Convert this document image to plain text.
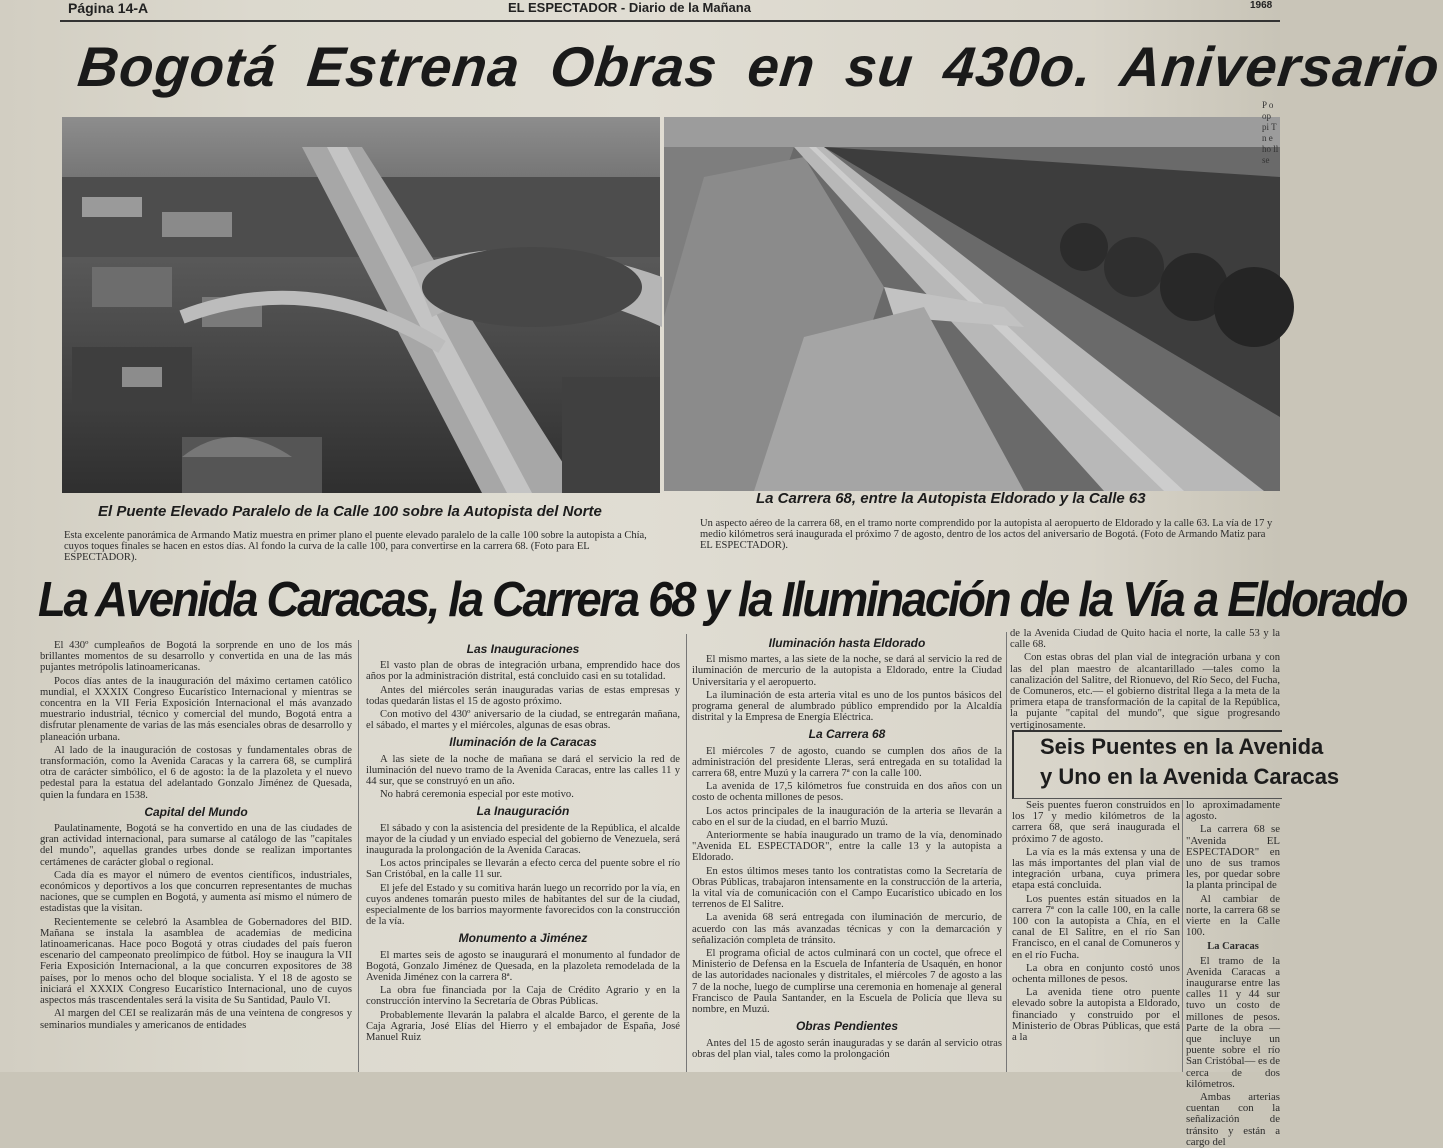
Página 14-A	EL ESPECTADOR - Diario de la Mañana	1968
Bogotá Estrena Obras en su 430o. Aniversario
El Puente Elevado Paralelo de la Calle 100 sobre la Autopista del Norte
La Carrera 68, entre la Autopista Eldorado y la Calle 63
Esta excelente panorámica de Armando Matiz muestra en primer plano el puente elevado paralelo de la calle 100 sobre la autopista a Chía, cuyos toques finales se hacen en estos días. Al fondo la curva de la calle 100, para convertirse en la carrera 68. (Foto para EL ESPECTADOR).
Un aspecto aéreo de la carrera 68, en el tramo norte comprendido por la autopista al aeropuerto de Eldorado y la calle 63. La vía de 17 y medio kilómetros será inaugurada el próximo 7 de agosto, dentro de los actos del aniversario de Bogotá. (Foto de Armando Matiz para EL ESPECTADOR).
La Avenida Caracas, la Carrera 68 y la Iluminación de la Vía a Eldorado

El 430º cumpleaños de Bogotá la sorprende en uno de los más brillantes momentos de su desarrollo y convertida en una de las más pujantes metrópolis latinoamericanas.

Pocos días antes de la inauguración del máximo certamen católico mundial, el XXXIX Congreso Eucarístico Internacional y mientras se concentra en la VII Feria Exposición Internacional el más avanzado muestrario industrial, técnico y comercial del mundo, Bogotá entra a disfrutar plenamente de varias de las más esenciales obras de desarrollo y planeación urbana.

Al lado de la inauguración de costosas y fundamentales obras de transformación, como la Avenida Caracas y la carrera 68, se cumplirá otra de carácter simbólico, el 6 de agosto: la de la plazoleta y el nuevo pedestal para la estatua del adelantado Gonzalo Jiménez de Quesada, quien la fundara en 1538.

Capital del Mundo

Paulatinamente, Bogotá se ha convertido en una de las ciudades de gran actividad internacional, para sumarse al catálogo de las "capitales del mundo", aquellas grandes urbes donde se realizan importantes certámenes de carácter global o regional.

Cada día es mayor el número de eventos científicos, industriales, económicos y deportivos a los que concurren representantes de muchas naciones, que se cumplen en Bogotá, y aumenta así mismo el número de estadistas que la visitan.

Recientemente se celebró la Asamblea de Gobernadores del BID. Mañana se instala la asamblea de academias de medicina latinoamericanas. Hace poco Bogotá y otras ciudades del país fueron escenario del campeonato preolímpico de fútbol. Hoy se inaugura la VII Feria Exposición Internacional, a la que concurren expositores de 38 países, por lo menos ocho del bloque socialista. Y el 18 de agosto se iniciará el XXXIX Congreso Eucarístico Internacional, uno de cuyos aspectos más trascendentales será la visita de Su Santidad, Paulo VI.

Al margen del CEI se realizarán más de una veintena de congresos y seminarios mundiales y americanos de entidades

Las Inauguraciones

El vasto plan de obras de integración urbana, emprendido hace dos años por la administración distrital, está concluido casi en su totalidad.

Antes del miércoles serán inauguradas varias de estas empresas y todas quedarán listas el 15 de agosto próximo.

Con motivo del 430º aniversario de la ciudad, se entregarán mañana, el sábado, el martes y el miércoles, algunas de esas obras.

Iluminación de la Caracas

A las siete de la noche de mañana se dará el servicio la red de iluminación del nuevo tramo de la Avenida Caracas, entre las calles 11 y 44 sur, que se construyó en un año.

No habrá ceremonia especial por este motivo.

La Inauguración

El sábado y con la asistencia del presidente de la República, el alcalde mayor de la ciudad y un enviado especial del gobierno de Venezuela, será inaugurada la prolongación de la Avenida Caracas.

Los actos principales se llevarán a efecto cerca del puente sobre el río San Cristóbal, en la calle 11 sur.

El jefe del Estado y su comitiva harán luego un recorrido por la vía, en cuyos andenes tomarán puesto miles de habitantes del sur de la ciudad, especialmente de los barrios mayormente favorecidos con la construcción de la vía.

Monumento a Jiménez

El martes seis de agosto se inaugurará el monumento al fundador de Bogotá, Gonzalo Jiménez de Quesada, en la plazoleta remodelada de la Avenida Jiménez con la carrera 8ª.

La obra fue financiada por la Caja de Crédito Agrario y en la construcción intervino la Secretaría de Obras Públicas.

Probablemente llevarán la palabra el alcalde Barco, el gerente de la Caja Agraria, José Elías del Hierro y el embajador de España, José Manuel Ruiz

Iluminación hasta Eldorado

El mismo martes, a las siete de la noche, se dará al servicio la red de iluminación de mercurio de la autopista a Eldorado, entre la Ciudad Universitaria y el aeropuerto.

La iluminación de esta arteria vital es uno de los puntos básicos del programa general de alumbrado público emprendido por la Alcaldía distrital y la Empresa de Energía Eléctrica.

La Carrera 68

El miércoles 7 de agosto, cuando se cumplen dos años de la administración del presidente Lleras, será entregada en su totalidad la carrera 68, entre Muzú y la carrera 7ª con la calle 100.

La avenida de 17,5 kilómetros fue construida en dos años con un costo de ochenta millones de pesos.

Los actos principales de la inauguración de la arteria se llevarán a cabo en el sur de la ciudad, en el barrio Muzú.

Anteriormente se había inaugurado un tramo de la vía, denominado "Avenida EL ESPECTADOR", entre la calle 13 y la autopista a Eldorado.

En estos últimos meses tanto los contratistas como la Secretaría de Obras Públicas, trabajaron intensamente en la construcción de la arteria, la vital vía de comunicación con el Campo Eucarístico ubicado en los terrenos de El Salitre.

La avenida 68 será entregada con iluminación de mercurio, de acuerdo con las más avanzadas técnicas y con la demarcación y señalización completa de tránsito.

El programa oficial de actos culminará con un coctel, que ofrece el Ministerio de Defensa en la Escuela de Infantería de Usaquén, en honor de las autoridades nacionales y distritales, el miércoles 7 de agosto a las 7 de la noche, luego de cumplirse una ceremonia en homenaje al general Francisco de Paula Santander, en la Escuela de Policía que lleva su nombre, en Muzú.

Obras Pendientes

Antes del 15 de agosto serán inauguradas y se darán al servicio otras obras del plan vial, tales como la prolongación

de la Avenida Ciudad de Quito hacia el norte, la calle 53 y la calle 68.

Con estas obras del plan vial de integración urbana y con las del plan maestro de alcantarillado —tales como la canalización del Salitre, del Rionuevo, del Río Seco, del Fucha, de Comuneros, etc.— el gobierno distrital llega a la meta de la primera etapa de transformación de la capital de la República, la pujante "capital del mundo", que sigue progresando vertiginosamente.

Seis Puentes en la Avenida
y Uno en la Avenida Caracas

Seis puentes fueron construidos en los 17 y medio kilómetros de la carrera 68, que será inaugurada el próximo 7 de agosto.

La vía es la más extensa y una de las más importantes del plan vial de integración urbana, cuya primera etapa está concluida.

Los puentes están situados en la carrera 7ª con la calle 100, en la calle 100 con la autopista a Chía, en el canal de El Salitre, en el río San Francisco, en el canal de Comuneros y en el río Fucha.

La obra en conjunto costó unos ochenta millones de pesos.

La avenida tiene otro puente elevado sobre la autopista a Eldorado, financiado y construido por el Ministerio de Obras Públicas, que está a la

lo aproximadamente agosto.

La carrera 68 se "Avenida EL ESPECTADOR" en uno de sus tramos les, por quedar sobre la planta principal de

Al cambiar de norte, la carrera 68 se vierte en la Calle 100.

La Caracas

El tramo de la Avenida Caracas a inaugurarse entre las calles 11 y 44 sur tuvo un costo de millones de pesos. Parte de la obra —que incluye un puente sobre el río San Cristóbal— es de cerca de dos kilómetros.

Ambas arterias cuentan con la señalización de tránsito y están a cargo del

P o op pi T n e ho ll se
